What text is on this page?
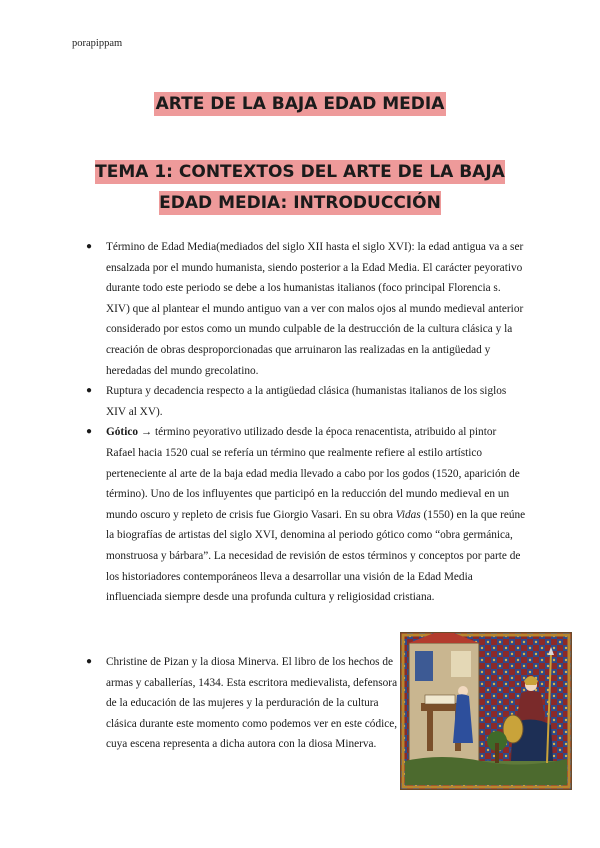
porapippam
ARTE DE LA BAJA EDAD MEDIA
TEMA 1: CONTEXTOS DEL ARTE DE LA BAJA EDAD MEDIA: INTRODUCCIÓN
● Término de Edad Media(mediados del siglo XII hasta el siglo XVI): la edad antigua va a ser ensalzada por el mundo humanista, siendo posterior a la Edad Media. El carácter peyorativo durante todo este periodo se debe a los humanistas italianos (foco principal Florencia s. XIV) que al plantear el mundo antiguo van a ver con malos ojos al mundo medieval anterior considerado por estos como un mundo culpable de la destrucción de la cultura clásica y la creación de obras desproporcionadas que arruinaron las realizadas en la antigüedad y heredadas del mundo grecolatino.
● Ruptura y decadencia respecto a la antigüedad clásica (humanistas italianos de los siglos XIV al XV).
● Gótico → término peyorativo utilizado desde la época renacentista, atribuido al pintor Rafael hacia 1520 cual se refería un término que realmente refiere al estilo artístico perteneciente al arte de la baja edad media llevado a cabo por los godos (1520, aparición de término). Uno de los influyentes que participó en la reducción del mundo medieval en un mundo oscuro y repleto de crisis fue Giorgio Vasari. En su obra Vidas (1550) en la que reúne la biografías de artistas del siglo XVI, denomina al periodo gótico como “obra germánica, monstruosa y bárbara”. La necesidad de revisión de estos términos y conceptos por parte de los historiadores contemporáneos lleva a desarrollar una visión de la Edad Media influenciada siempre desde una profunda cultura y religiosidad cristiana.
● Christine de Pizan y la diosa Minerva. El libro de los hechos de armas y caballerías, 1434. Esta escritora medievalista, defensora de la educación de las mujeres y la perduración de la cultura clásica durante este momento como podemos ver en este códice, cuya escena representa a dicha autora con la diosa Minerva.
